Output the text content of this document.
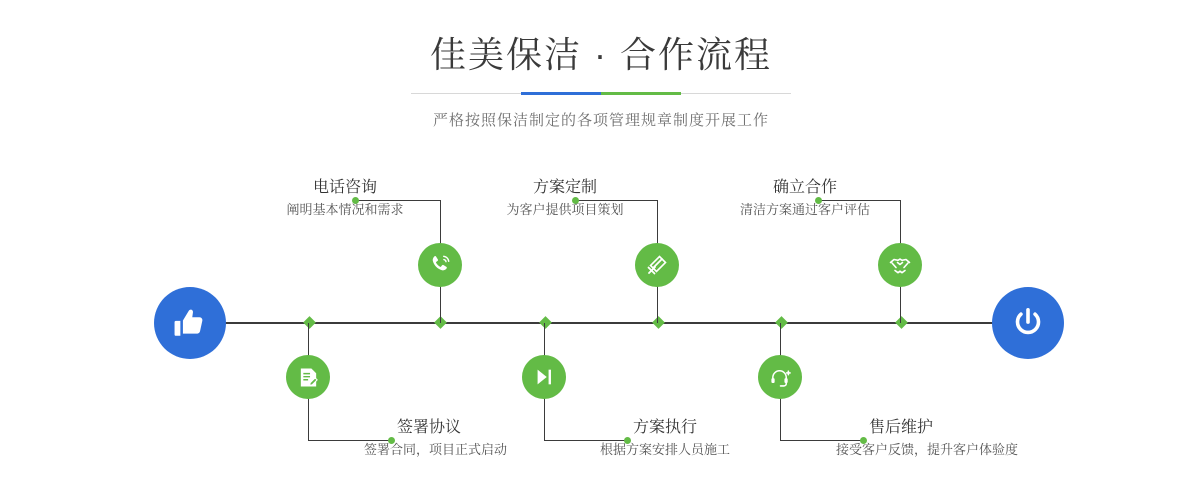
佳美保洁 · 合作流程

严格按照保洁制定的各项管理规章制度开展工作

电话咨询
阐明基本情况和需求
签署协议
签署合同，项目正式启动
方案定制
为客户提供项目策划
方案执行
根据方案安排人员施工
确立合作
清洁方案通过客户评估
售后维护
接受客户反馈，提升客户体验度
